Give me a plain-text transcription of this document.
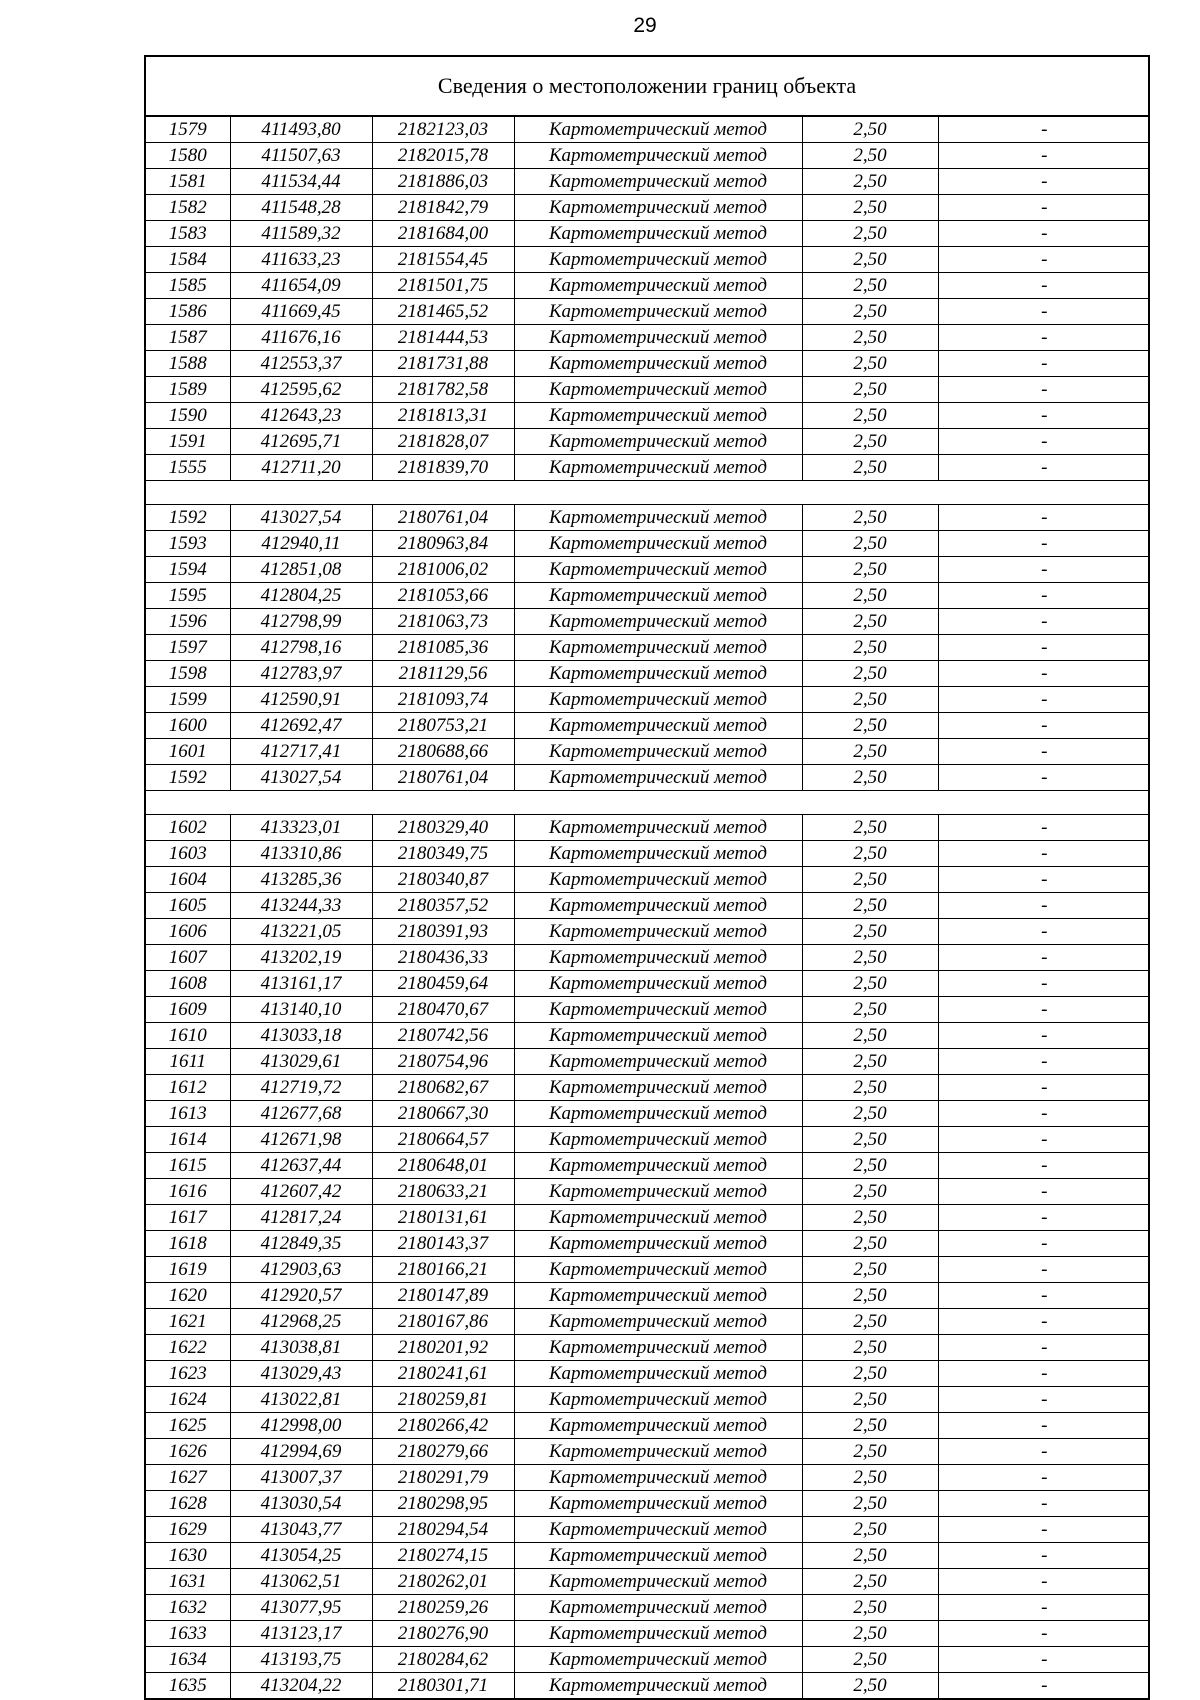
29
Сведения о местоположении границ объекта
1579	411493,80	2182123,03	Картометрический метод	2,50	-
1580	411507,63	2182015,78	Картометрический метод	2,50	-
1581	411534,44	2181886,03	Картометрический метод	2,50	-
1582	411548,28	2181842,79	Картометрический метод	2,50	-
1583	411589,32	2181684,00	Картометрический метод	2,50	-
1584	411633,23	2181554,45	Картометрический метод	2,50	-
1585	411654,09	2181501,75	Картометрический метод	2,50	-
1586	411669,45	2181465,52	Картометрический метод	2,50	-
1587	411676,16	2181444,53	Картометрический метод	2,50	-
1588	412553,37	2181731,88	Картометрический метод	2,50	-
1589	412595,62	2181782,58	Картометрический метод	2,50	-
1590	412643,23	2181813,31	Картометрический метод	2,50	-
1591	412695,71	2181828,07	Картометрический метод	2,50	-
1555	412711,20	2181839,70	Картометрический метод	2,50	-

1592	413027,54	2180761,04	Картометрический метод	2,50	-
1593	412940,11	2180963,84	Картометрический метод	2,50	-
1594	412851,08	2181006,02	Картометрический метод	2,50	-
1595	412804,25	2181053,66	Картометрический метод	2,50	-
1596	412798,99	2181063,73	Картометрический метод	2,50	-
1597	412798,16	2181085,36	Картометрический метод	2,50	-
1598	412783,97	2181129,56	Картометрический метод	2,50	-
1599	412590,91	2181093,74	Картометрический метод	2,50	-
1600	412692,47	2180753,21	Картометрический метод	2,50	-
1601	412717,41	2180688,66	Картометрический метод	2,50	-
1592	413027,54	2180761,04	Картометрический метод	2,50	-

1602	413323,01	2180329,40	Картометрический метод	2,50	-
1603	413310,86	2180349,75	Картометрический метод	2,50	-
1604	413285,36	2180340,87	Картометрический метод	2,50	-
1605	413244,33	2180357,52	Картометрический метод	2,50	-
1606	413221,05	2180391,93	Картометрический метод	2,50	-
1607	413202,19	2180436,33	Картометрический метод	2,50	-
1608	413161,17	2180459,64	Картометрический метод	2,50	-
1609	413140,10	2180470,67	Картометрический метод	2,50	-
1610	413033,18	2180742,56	Картометрический метод	2,50	-
1611	413029,61	2180754,96	Картометрический метод	2,50	-
1612	412719,72	2180682,67	Картометрический метод	2,50	-
1613	412677,68	2180667,30	Картометрический метод	2,50	-
1614	412671,98	2180664,57	Картометрический метод	2,50	-
1615	412637,44	2180648,01	Картометрический метод	2,50	-
1616	412607,42	2180633,21	Картометрический метод	2,50	-
1617	412817,24	2180131,61	Картометрический метод	2,50	-
1618	412849,35	2180143,37	Картометрический метод	2,50	-
1619	412903,63	2180166,21	Картометрический метод	2,50	-
1620	412920,57	2180147,89	Картометрический метод	2,50	-
1621	412968,25	2180167,86	Картометрический метод	2,50	-
1622	413038,81	2180201,92	Картометрический метод	2,50	-
1623	413029,43	2180241,61	Картометрический метод	2,50	-
1624	413022,81	2180259,81	Картометрический метод	2,50	-
1625	412998,00	2180266,42	Картометрический метод	2,50	-
1626	412994,69	2180279,66	Картометрический метод	2,50	-
1627	413007,37	2180291,79	Картометрический метод	2,50	-
1628	413030,54	2180298,95	Картометрический метод	2,50	-
1629	413043,77	2180294,54	Картометрический метод	2,50	-
1630	413054,25	2180274,15	Картометрический метод	2,50	-
1631	413062,51	2180262,01	Картометрический метод	2,50	-
1632	413077,95	2180259,26	Картометрический метод	2,50	-
1633	413123,17	2180276,90	Картометрический метод	2,50	-
1634	413193,75	2180284,62	Картометрический метод	2,50	-
1635	413204,22	2180301,71	Картометрический метод	2,50	-
